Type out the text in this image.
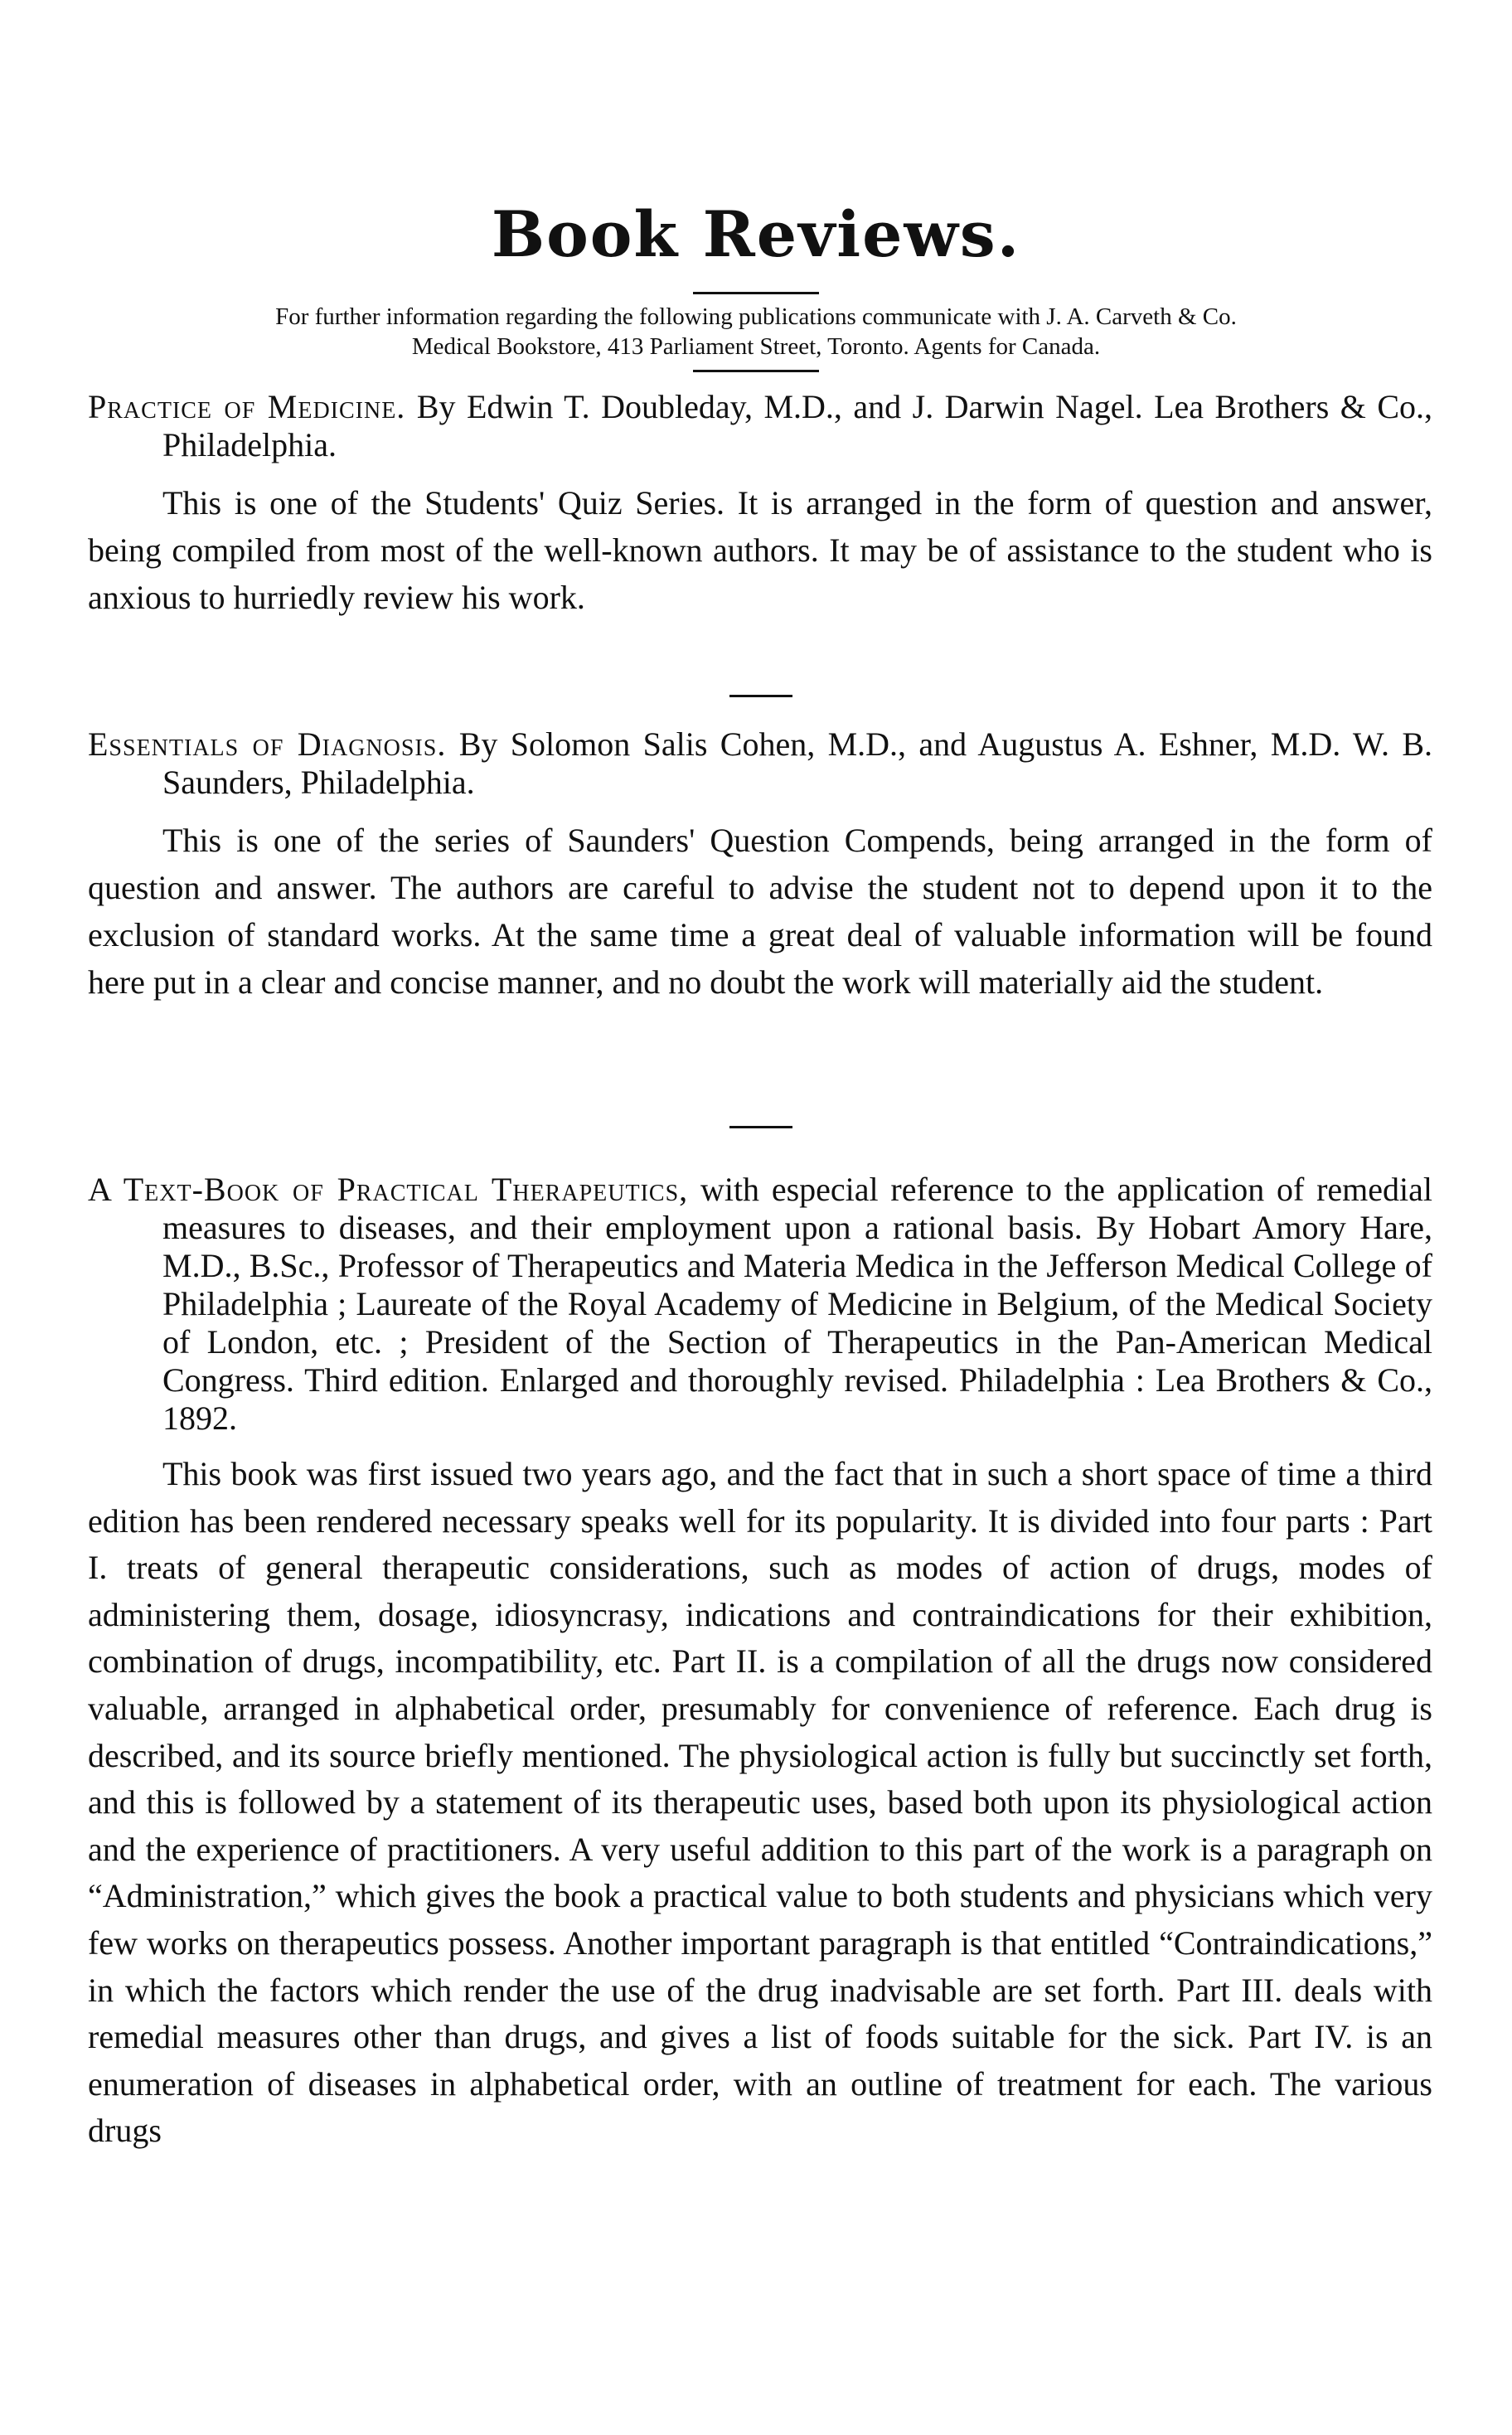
Book Reviews.
For further information regarding the following publications communicate with J. A. Carveth & Co.
Medical Bookstore, 413 Parliament Street, Toronto. Agents for Canada.
Practice of Medicine. By Edwin T. Doubleday, M.D., and J. Darwin Nagel. Lea Brothers & Co., Philadelphia.
This is one of the Students' Quiz Series. It is arranged in the form of question and answer, being compiled from most of the well-known authors. It may be of assistance to the student who is anxious to hurriedly review his work.
Essentials of Diagnosis. By Solomon Salis Cohen, M.D., and Augustus A. Eshner, M.D. W. B. Saunders, Philadelphia.
This is one of the series of Saunders' Question Compends, being arranged in the form of question and answer. The authors are careful to advise the student not to depend upon it to the exclusion of standard works. At the same time a great deal of valuable information will be found here put in a clear and concise manner, and no doubt the work will materially aid the student.
A Text-Book of Practical Therapeutics, with especial reference to the application of remedial measures to diseases, and their employment upon a rational basis. By Hobart Amory Hare, M.D., B.Sc., Professor of Therapeutics and Materia Medica in the Jefferson Medical College of Philadelphia ; Laureate of the Royal Academy of Medicine in Belgium, of the Medical Society of London, etc. ; President of the Section of Therapeutics in the Pan-American Medical Congress. Third edition. Enlarged and thoroughly revised. Philadelphia : Lea Brothers & Co., 1892.
This book was first issued two years ago, and the fact that in such a short space of time a third edition has been rendered necessary speaks well for its popularity. It is divided into four parts : Part I. treats of general therapeutic considerations, such as modes of action of drugs, modes of administering them, dosage, idiosyncrasy, indications and contraindications for their exhibition, combination of drugs, incompatibility, etc. Part II. is a compilation of all the drugs now considered valuable, arranged in alphabetical order, presumably for convenience of reference. Each drug is described, and its source briefly mentioned. The physiological action is fully but succinctly set forth, and this is followed by a statement of its therapeutic uses, based both upon its physiological action and the experience of practitioners. A very useful addition to this part of the work is a paragraph on “Administration,” which gives the book a practical value to both students and physicians which very few works on therapeutics possess. Another important paragraph is that entitled “Contraindications,” in which the factors which render the use of the drug inadvisable are set forth. Part III. deals with remedial measures other than drugs, and gives a list of foods suitable for the sick. Part IV. is an enumeration of diseases in alphabetical order, with an outline of treatment for each. The various drugs
